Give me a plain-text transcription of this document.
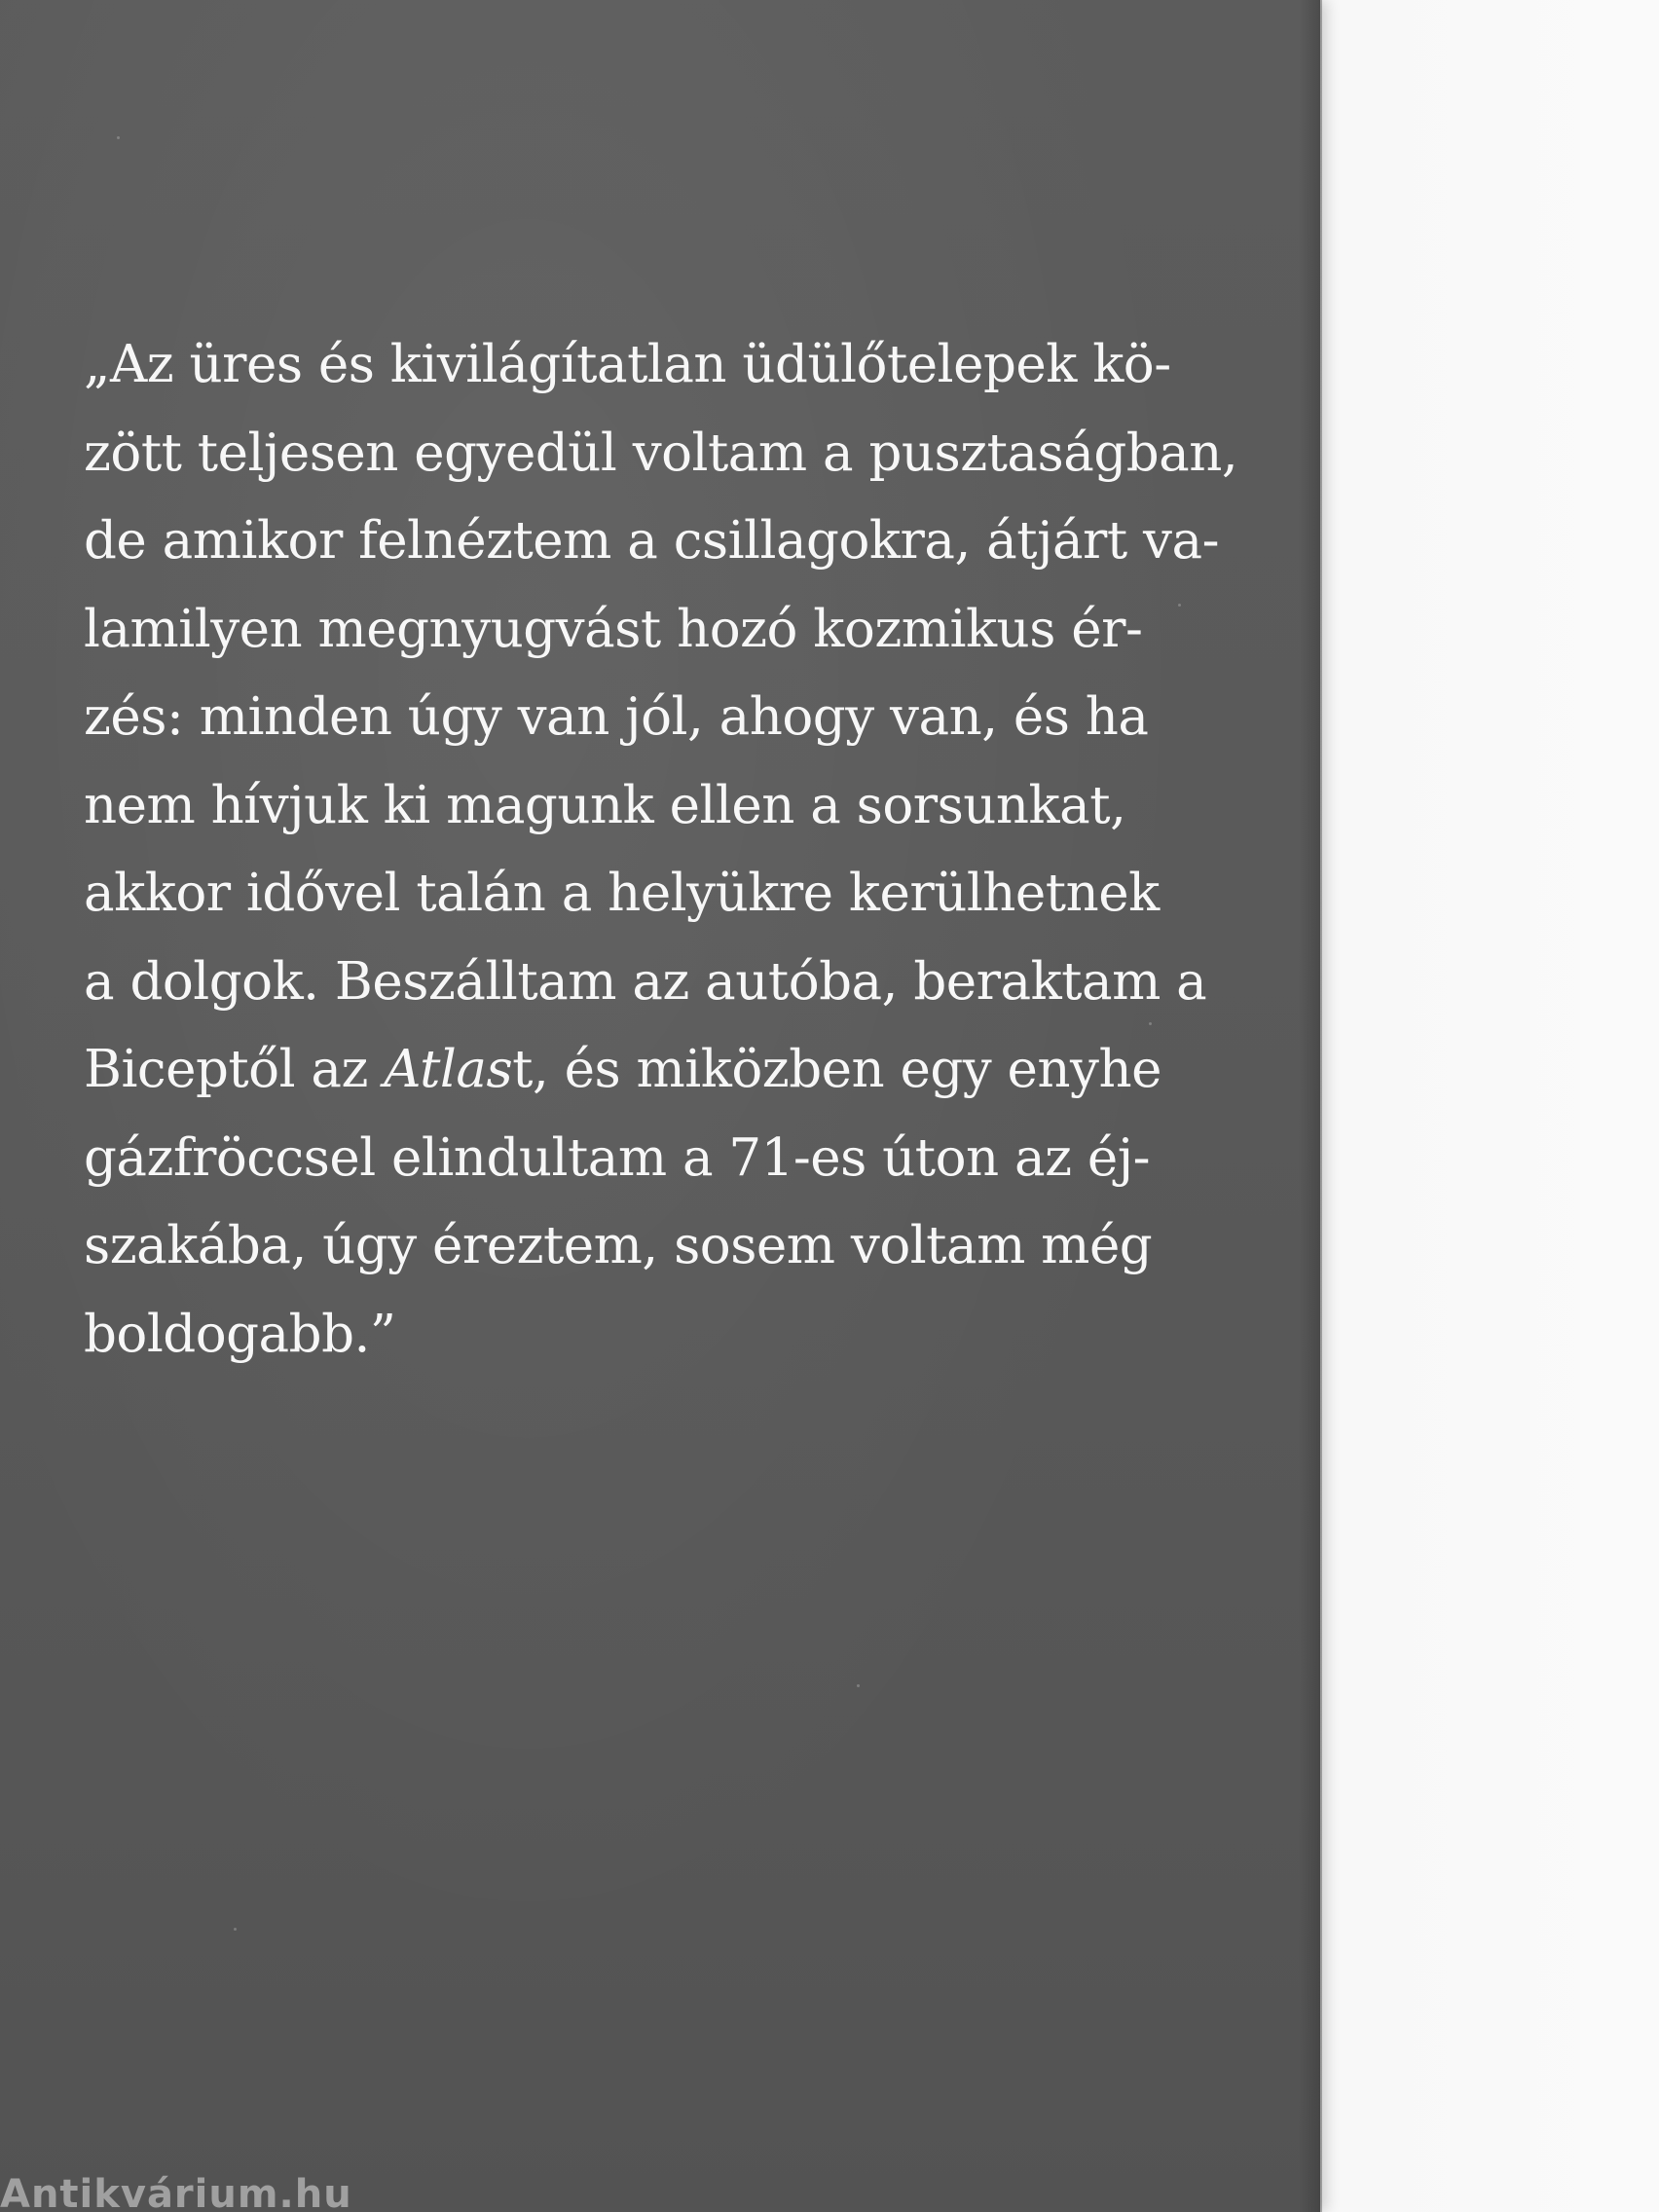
„Az üres és kivilágítatlan üdülőtelepek kö-
zött teljesen egyedül voltam a pusztaságban,
de amikor felnéztem a csillagokra, átjárt va-
lamilyen megnyugvást hozó kozmikus ér-
zés: minden úgy van jól, ahogy van, és ha
nem hívjuk ki magunk ellen a sorsunkat,
akkor idővel talán a helyükre kerülhetnek
a dolgok. Beszálltam az autóba, beraktam a
Biceptől az Atlast, és miközben egy enyhe
gázfröccsel elindultam a 71-es úton az éj-
szakába, úgy éreztem, sosem voltam még
boldogabb.”

Antikvárium.hu
